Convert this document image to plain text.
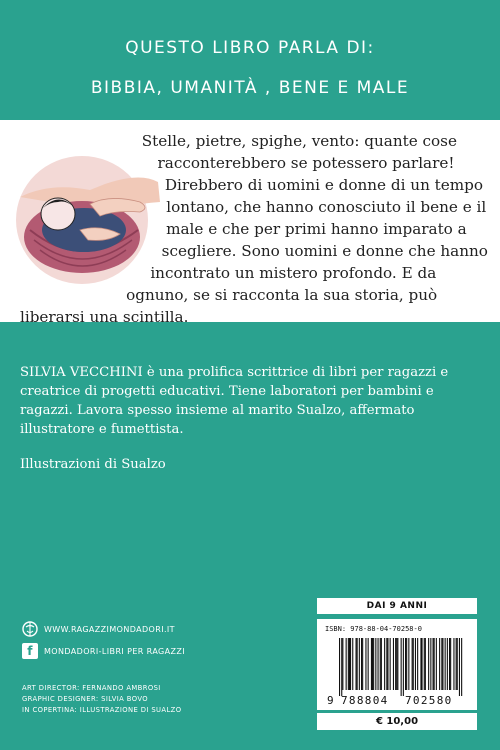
QUESTO LIBRO PARLA DI:
BIBBIA, UMANITÀ , BENE E MALE

Stelle, pietre, spighe, vento: quante cose racconterebbero se potessero parlare! Direbbero di uomini e donne di un tempo lontano, che hanno conosciuto il bene e il male e che per primi hanno imparato a scegliere. Sono uomini e donne che hanno incontrato un mistero profondo. E da ognuno, se si racconta la sua storia, può liberarsi una scintilla.

SILVIA VECCHINI è una prolifica scrittrice di libri per ragazzi e creatrice di progetti educativi. Tiene laboratori per bambini e ragazzi. Lavora spesso insieme al marito Sualzo, affermato illustratore e fumettista.

Illustrazioni di Sualzo

WWW.RAGAZZIMONDADORI.IT
f	MONDADORI-LIBRI PER RAGAZZI
ART DIRECTOR: FERNANDO AMBROSI
GRAPHIC DESIGNER: SILVIA BOVO
IN COPERTINA: ILLUSTRAZIONE DI SUALZO
DAI 9 ANNI
ISBN: 978-88-04-70258-0
9 788804 702580
€ 10,00
